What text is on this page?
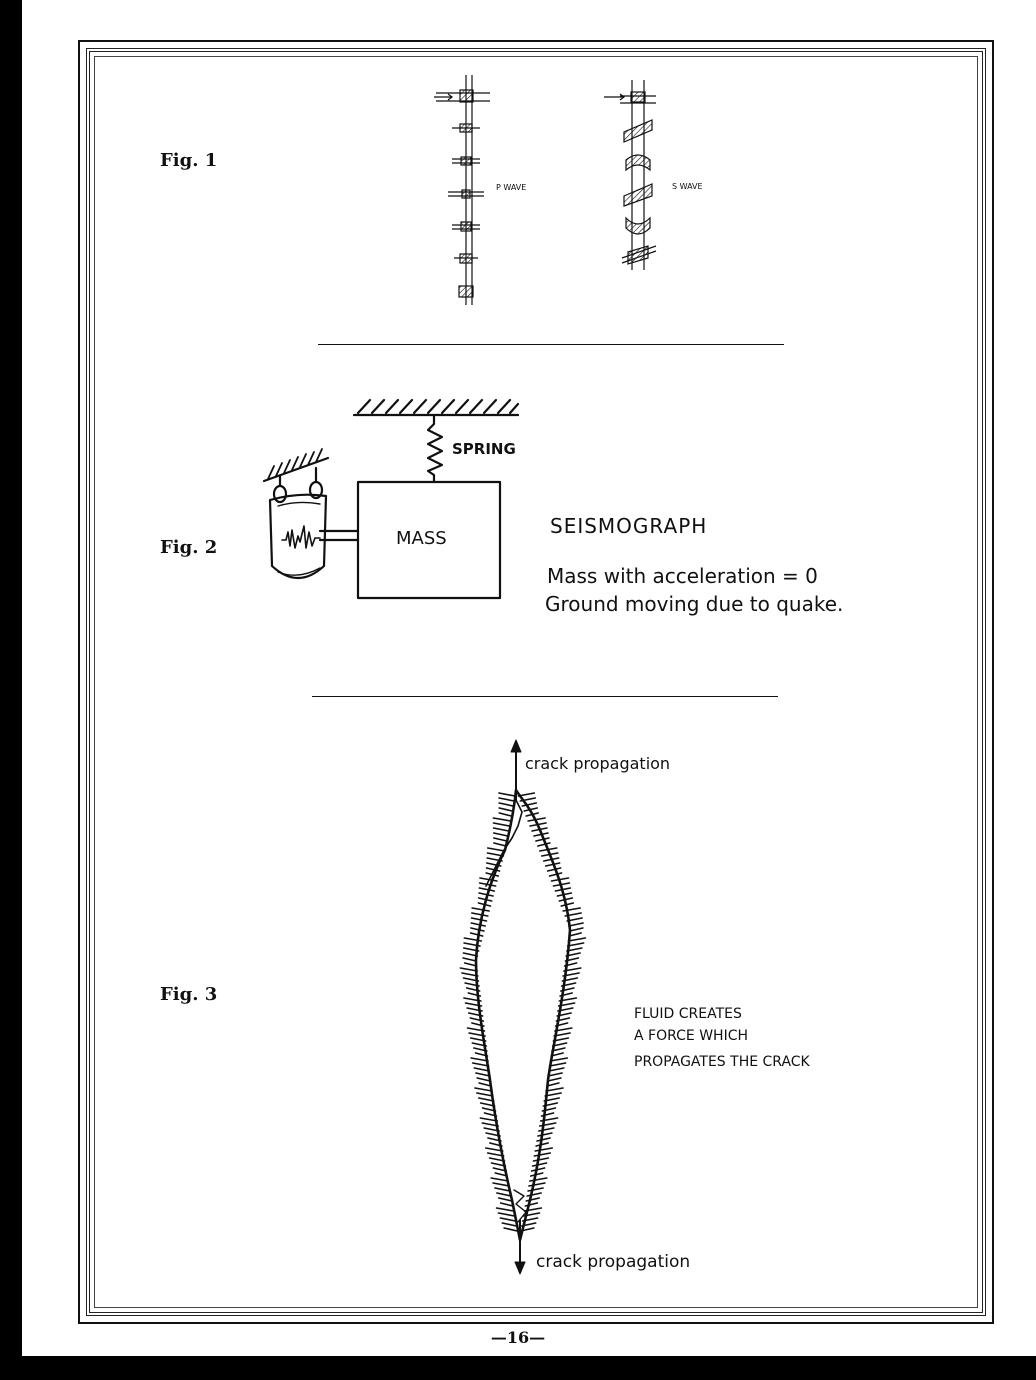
Fig. 1
P WAVE	S WAVE
Fig. 2
SPRING
MASS
SEISMOGRAPH
Mass with acceleration = 0
Ground moving due to quake.
Fig. 3
crack propagation
crack propagation
FLUID CREATES
A FORCE WHICH
PROPAGATES THE CRACK
—16—
